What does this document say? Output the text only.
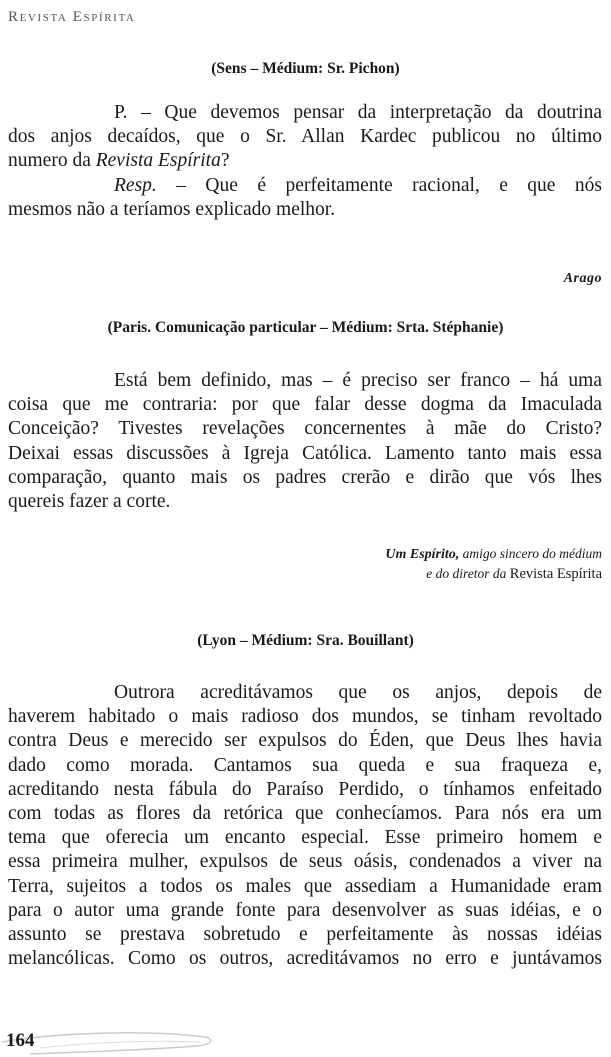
Revista Espírita
(Sens – Médium: Sr. Pichon)
P. – Que devemos pensar da interpretação da doutrina
dos anjos decaídos, que o Sr. Allan Kardec publicou no último
numero da Revista Espírita?
Resp. – Que é perfeitamente racional, e que nós
mesmos não a teríamos explicado melhor.
Arago
(Paris. Comunicação particular – Médium: Srta. Stéphanie)
Está bem definido, mas – é preciso ser franco – há uma
coisa que me contraria: por que falar desse dogma da Imaculada
Conceição? Tivestes revelações concernentes à mãe do Cristo?
Deixai essas discussões à Igreja Católica. Lamento tanto mais essa
comparação, quanto mais os padres crerão e dirão que vós lhes
quereis fazer a corte.
Um Espírito, amigo sincero do médium
e do diretor da Revista Espírita
(Lyon – Médium: Sra. Bouillant)
Outrora acreditávamos que os anjos, depois de
haverem habitado o mais radioso dos mundos, se tinham revoltado
contra Deus e merecido ser expulsos do Éden, que Deus lhes havia
dado como morada. Cantamos sua queda e sua fraqueza e,
acreditando nesta fábula do Paraíso Perdido, o tínhamos enfeitado
com todas as flores da retórica que conhecíamos. Para nós era um
tema que oferecia um encanto especial. Esse primeiro homem e
essa primeira mulher, expulsos de seus oásis, condenados a viver na
Terra, sujeitos a todos os males que assediam a Humanidade eram
para o autor uma grande fonte para desenvolver as suas idéias, e o
assunto se prestava sobretudo e perfeitamente às nossas idéias
melancólicas. Como os outros, acreditávamos no erro e juntávamos
164
